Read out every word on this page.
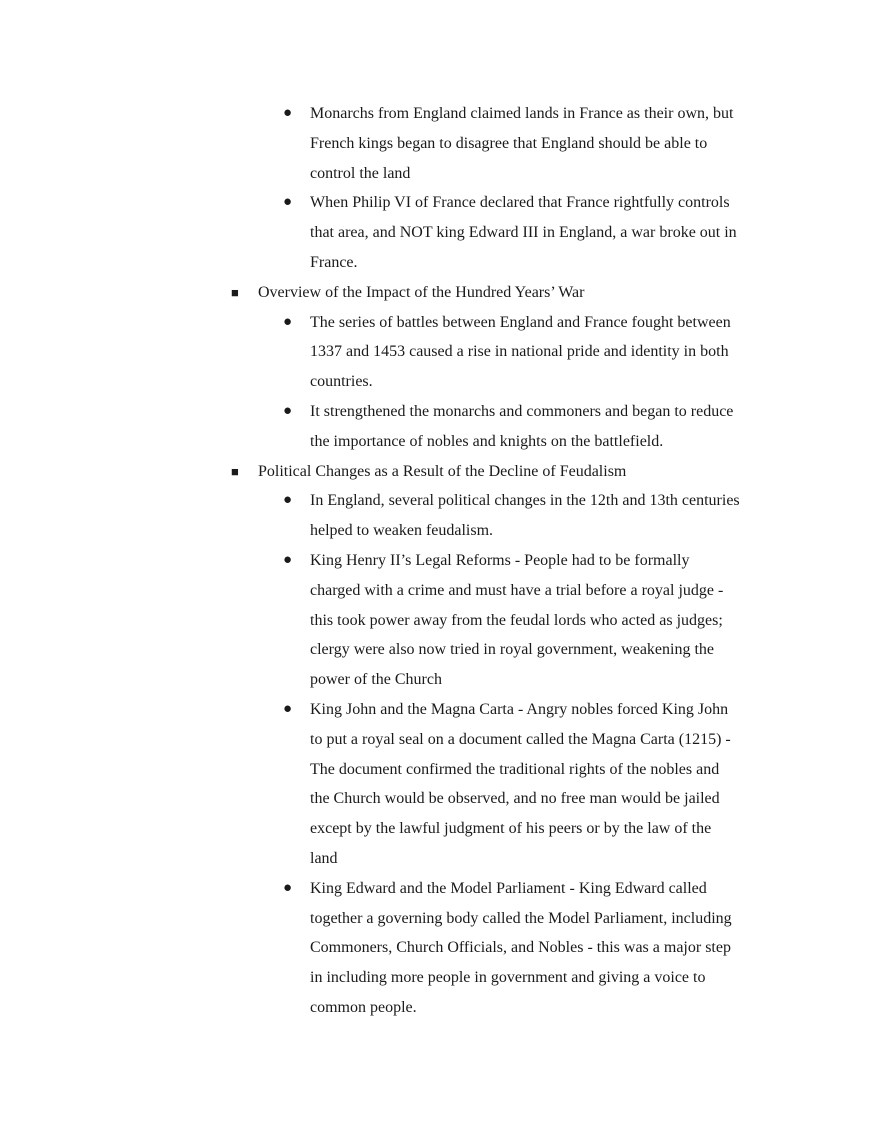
● Monarchs from England claimed lands in France as their own, but
French kings began to disagree that England should be able to
control the land
● When Philip VI of France declared that France rightfully controls
that area, and NOT king Edward III in England, a war broke out in
France.
■ Overview of the Impact of the Hundred Years’ War
● The series of battles between England and France fought between
1337 and 1453 caused a rise in national pride and identity in both
countries.
● It strengthened the monarchs and commoners and began to reduce
the importance of nobles and knights on the battlefield.
■ Political Changes as a Result of the Decline of Feudalism
● In England, several political changes in the 12th and 13th centuries
helped to weaken feudalism.
● King Henry II’s Legal Reforms - People had to be formally
charged with a crime and must have a trial before a royal judge -
this took power away from the feudal lords who acted as judges;
clergy were also now tried in royal government, weakening the
power of the Church
● King John and the Magna Carta - Angry nobles forced King John
to put a royal seal on a document called the Magna Carta (1215) -
The document confirmed the traditional rights of the nobles and
the Church would be observed, and no free man would be jailed
except by the lawful judgment of his peers or by the law of the
land
● King Edward and the Model Parliament - King Edward called
together a governing body called the Model Parliament, including
Commoners, Church Officials, and Nobles - this was a major step
in including more people in government and giving a voice to
common people.
